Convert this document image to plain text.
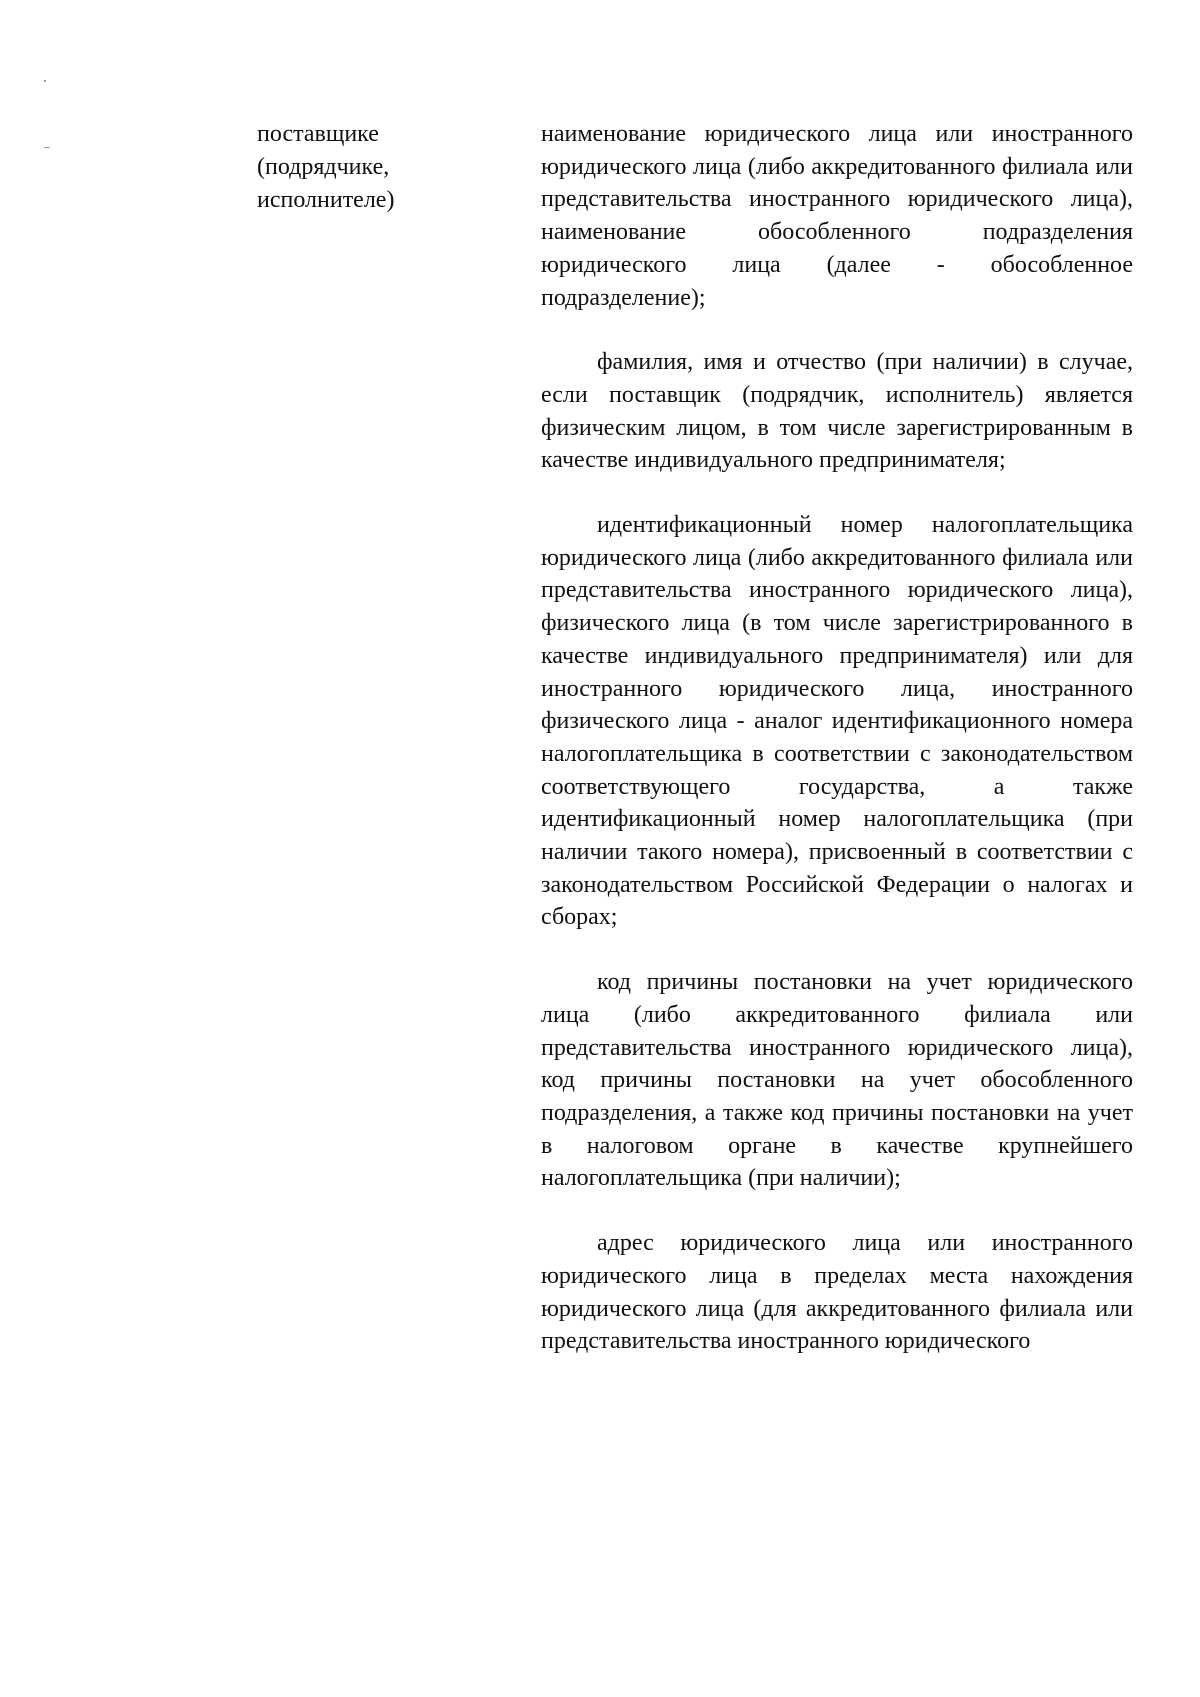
поставщике
(подрядчике,
исполнителе)

наименование юридического лица или иностранного юридического лица (либо аккредитованного филиала или представительства иностранного юридического лица), наименование обособленного подразделения юридического лица (далее - обособленное подразделение);

фамилия, имя и отчество (при наличии) в случае, если поставщик (подрядчик, исполнитель) является физическим лицом, в том числе зарегистрированным в качестве индивидуального предпринимателя;

идентификационный номер налогоплательщика юридического лица (либо аккредитованного филиала или представительства иностранного юридического лица), физического лица (в том числе зарегистрированного в качестве индивидуального предпринимателя) или для иностранного юридического лица, иностранного физического лица - аналог идентификационного номера налогоплательщика в соответствии с законодательством соответствующего государства, а также идентификационный номер налогоплательщика (при наличии такого номера), присвоенный в соответствии с законодательством Российской Федерации о налогах и сборах;

код причины постановки на учет юридического лица (либо аккредитованного филиала или представительства иностранного юридического лица), код причины постановки на учет обособленного подразделения, а также код причины постановки на учет в налоговом органе в качестве крупнейшего налогоплательщика (при наличии);

адрес юридического лица или иностранного юридического лица в пределах места нахождения юридического лица (для аккредитованного филиала или представительства иностранного юридического
